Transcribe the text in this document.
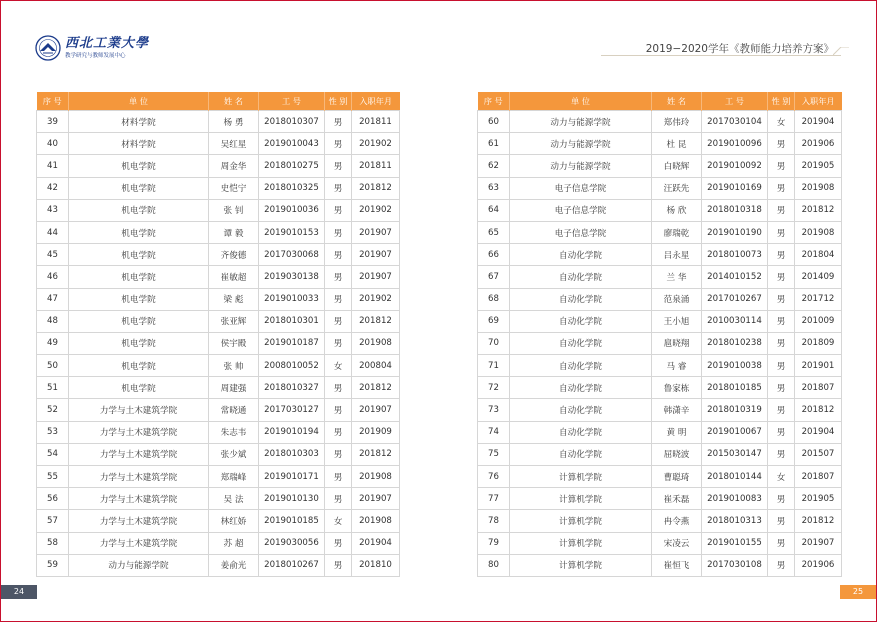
西北工業大學
教学研究与教师发展中心
2019−2020学年《教师能力培养方案》
序 号	单 位	姓 名	工 号	性 别	入职年月
39	材料学院	杨 勇	2018010307	男	201811
40	材料学院	吴红星	2019010043	男	201902
41	机电学院	周金华	2018010275	男	201811
42	机电学院	史恺宁	2018010325	男	201812
43	机电学院	张 钊	2019010036	男	201902
44	机电学院	谭 毅	2019010153	男	201907
45	机电学院	齐俊德	2017030068	男	201907
46	机电学院	崔敏超	2019030138	男	201907
47	机电学院	梁 彪	2019010033	男	201902
48	机电学院	张亚辉	2018010301	男	201812
49	机电学院	侯宇殿	2019010187	男	201908
50	机电学院	张 帅	2008010052	女	200804
51	机电学院	周建强	2018010327	男	201812
52	力学与土木建筑学院	常晓通	2017030127	男	201907
53	力学与土木建筑学院	朱志韦	2019010194	男	201909
54	力学与土木建筑学院	张少斌	2018010303	男	201812
55	力学与土木建筑学院	郑瑞峰	2019010171	男	201908
56	力学与土木建筑学院	吴 法	2019010130	男	201907
57	力学与土木建筑学院	林红娇	2019010185	女	201908
58	力学与土木建筑学院	苏 超	2019030056	男	201904
59	动力与能源学院	姜俞光	2018010267	男	201810
序 号	单 位	姓 名	工 号	性 别	入职年月
60	动力与能源学院	郑伟玲	2017030104	女	201904
61	动力与能源学院	杜 昆	2019010096	男	201906
62	动力与能源学院	白晓辉	2019010092	男	201905
63	电子信息学院	汪跃先	2019010169	男	201908
64	电子信息学院	杨 欣	2018010318	男	201812
65	电子信息学院	廖瑞乾	2019010190	男	201908
66	自动化学院	吕永星	2018010073	男	201804
67	自动化学院	兰 华	2014010152	男	201409
68	自动化学院	范泉涌	2017010267	男	201712
69	自动化学院	王小旭	2010030114	男	201009
70	自动化学院	扈晓翔	2018010238	男	201809
71	自动化学院	马 睿	2019010038	男	201901
72	自动化学院	鲁家栋	2018010185	男	201807
73	自动化学院	韩潇辛	2018010319	男	201812
74	自动化学院	黄 明	2019010067	男	201904
75	自动化学院	屈晓波	2015030147	男	201507
76	计算机学院	曹聪琦	2018010144	女	201807
77	计算机学院	崔禾磊	2019010083	男	201905
78	计算机学院	冉令燕	2018010313	男	201812
79	计算机学院	宋凌云	2019010155	男	201907
80	计算机学院	崔恒飞	2017030108	男	201906
24	25
